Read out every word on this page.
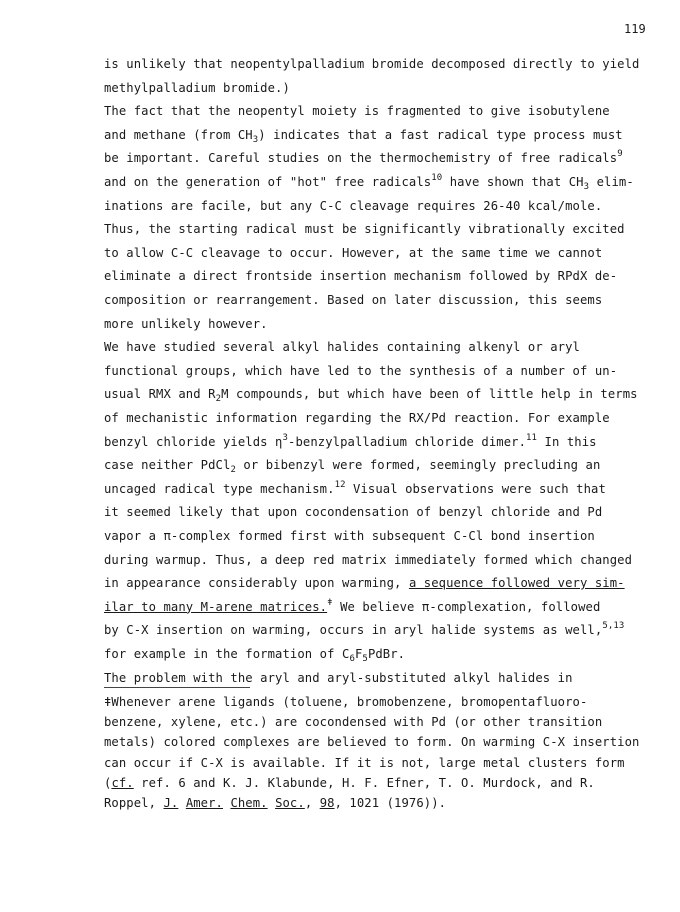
119
is unlikely that neopentylpalladium bromide decomposed directly to yield
methylpalladium bromide.)
The fact that the neopentyl moiety is fragmented to give isobutylene
and methane (from $CH_3$) indicates that a fast radical type process must
be important. Careful studies on the thermochemistry of free radicals$^9$
and on the generation of "hot" free radicals$^{10}$ have shown that $CH_3$ elim-
inations are facile, but any C-C cleavage requires 26-40 kcal/mole.
Thus, the starting radical must be significantly vibrationally excited
to allow C-C cleavage to occur. However, at the same time we cannot
eliminate a direct frontside insertion mechanism followed by RPdX de-
composition or rearrangement. Based on later discussion, this seems
more unlikely however.
We have studied several alkyl halides containing alkenyl or aryl
functional groups, which have led to the synthesis of a number of un-
usual RMX and $R_2M$ compounds, but which have been of little help in terms
of mechanistic information regarding the RX/Pd reaction. For example
benzyl chloride yields $\eta^3$-benzylpalladium chloride dimer.$^{11}$ In this
case neither PdCl$_2$ or bibenzyl were formed, seemingly precluding an
uncaged radical type mechanism.$^{12}$ Visual observations were such that
it seemed likely that upon cocondensation of benzyl chloride and Pd
vapor a π-complex formed first with subsequent C-Cl bond insertion
during warmup. Thus, a deep red matrix immediately formed which changed
in appearance considerably upon warming, a sequence followed very sim-
ilar to many M-arene matrices.$^ǂ$ We believe π-complexation, followed
by C-X insertion on warming, occurs in aryl halide systems as well,$^{5,13}$
for example in the formation of $C_6F_5PdBr$.
The problem with the aryl and aryl-substituted alkyl halides in
ǂWhenever arene ligands (toluene, bromobenzene, bromopentafluoro-
benzene, xylene, etc.) are cocondensed with Pd (or other transition
metals) colored complexes are believed to form. On warming C-X insertion
can occur if C-X is available. If it is not, large metal clusters form
(cf. ref. 6 and K. J. Klabunde, H. F. Efner, T. O. Murdock, and R.
Roppel, J. Amer. Chem. Soc., 98, 1021 (1976)).
